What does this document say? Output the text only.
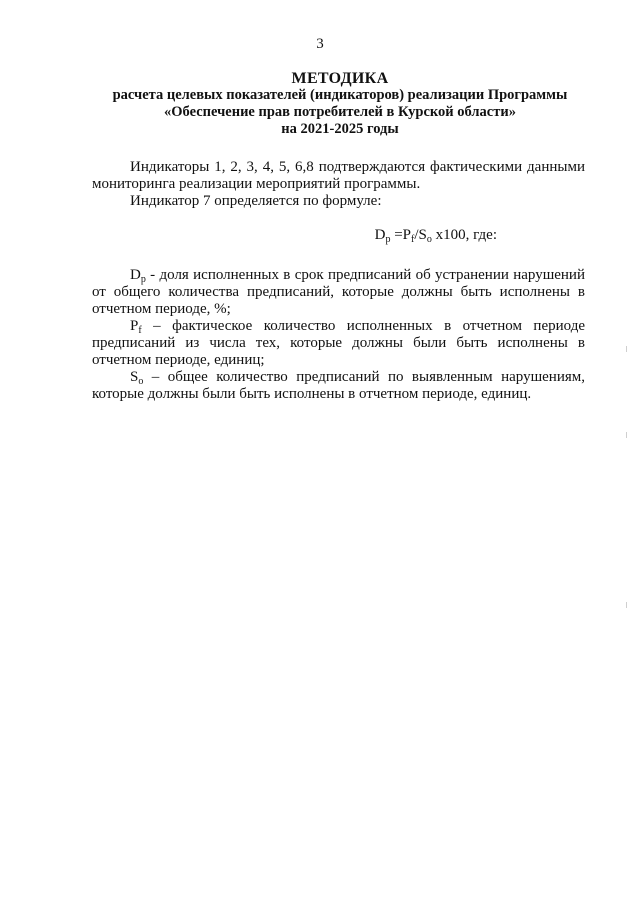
3
МЕТОДИКА
расчета целевых показателей (индикаторов) реализации Программы
«Обеспечение прав потребителей в Курской области»
на 2021-2025 годы

Индикаторы 1, 2, 3, 4, 5, 6,8 подтверждаются фактическими данными мониторинга реализации мероприятий программы.

Индикатор 7 определяется по формуле:

$D_p =P_f/S_o$ x100, где:

$D_p$ - доля исполненных в срок предписаний об устранении нарушений от общего количества предписаний, которые должны быть исполнены в отчетном периоде, %;

$P_f$ – фактическое количество исполненных в отчетном периоде предписаний из числа тех, которые должны были быть исполнены в отчетном периоде, единиц;

$S_o$ – общее количество предписаний по выявленным нарушениям, которые должны были быть исполнены в отчетном периоде, единиц.
